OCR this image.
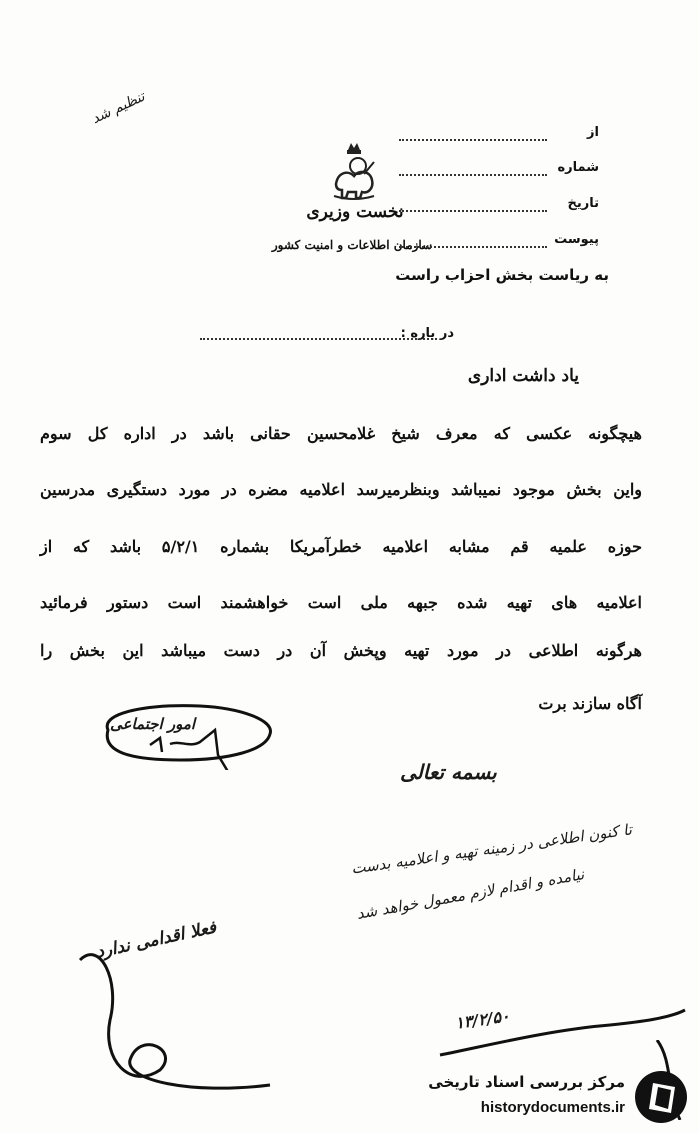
نخست وزیری
سازمان اطلاعات و امنیت کشور
از
شماره
تاریخ
پیوست
به ریاست بخش احزاب راست
در باره :
یاد داشت اداری
هیچگونه عکسی که معرف شیخ غلامحسین حقانی باشد در اداره کل سوم
واین بخش موجود نمیباشد وبنظرمیرسد اعلامیه مضره در مورد دستگیری مدرسین
حوزه علمیه قم مشابه اعلامیه خطرآمریکا بشماره ۵/۲/۱ باشد که از
اعلامیه های تهیه شده جبهه ملی است خواهشمند است دستور فرمائید
هرگونه اطلاعی در مورد تهیه وپخش آن در دست میباشد این بخش را
آگاه سازند برت
تنظیم شد
امور اجتماعی
بسمه تعالی
تا کنون اطلاعی در زمینه تهیه و اعلامیه بدست
نیامده و اقدام لازم معمول خواهد شد
فعلا اقدامی ندارد
۱۳/۲/۵۰
مرکز بررسی اسناد تاریخی
historydocuments.ir
